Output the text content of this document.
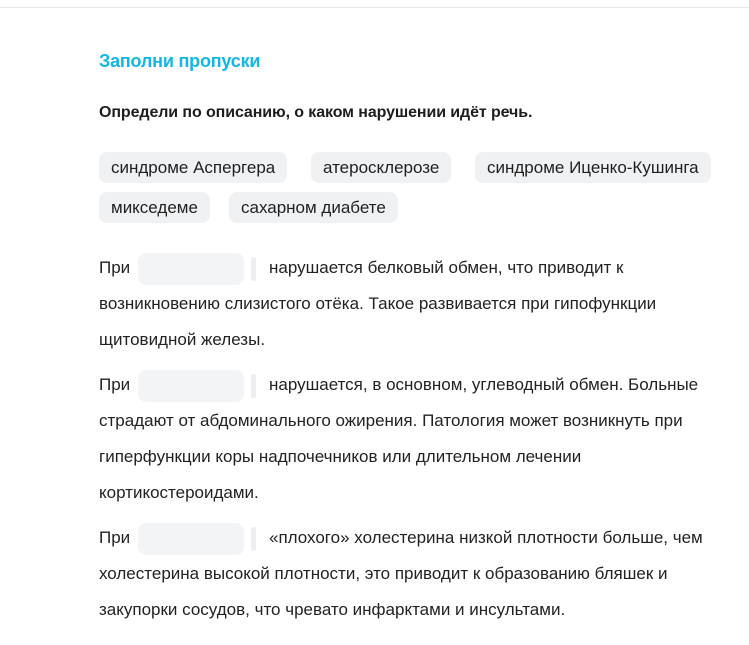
Заполни пропуски

Определи по описанию, о каком нарушении идёт речь.

синдроме Аспергера	атеросклерозе	синдроме Иценко-Кушинга
микседеме	сахарном диабете
При	нарушается белковый обмен, что приводит к
возникновению слизистого отёка. Такое развивается при гипофункции
щитовидной железы.
При	нарушается, в основном, углеводный обмен. Больные
страдают от абдоминального ожирения. Патология может возникнуть при
гиперфункции коры надпочечников или длительном лечении
кортикостероидами.
При	«плохого» холестерина низкой плотности больше, чем
холестерина высокой плотности, это приводит к образованию бляшек и
закупорки сосудов, что чревато инфарктами и инсультами.
